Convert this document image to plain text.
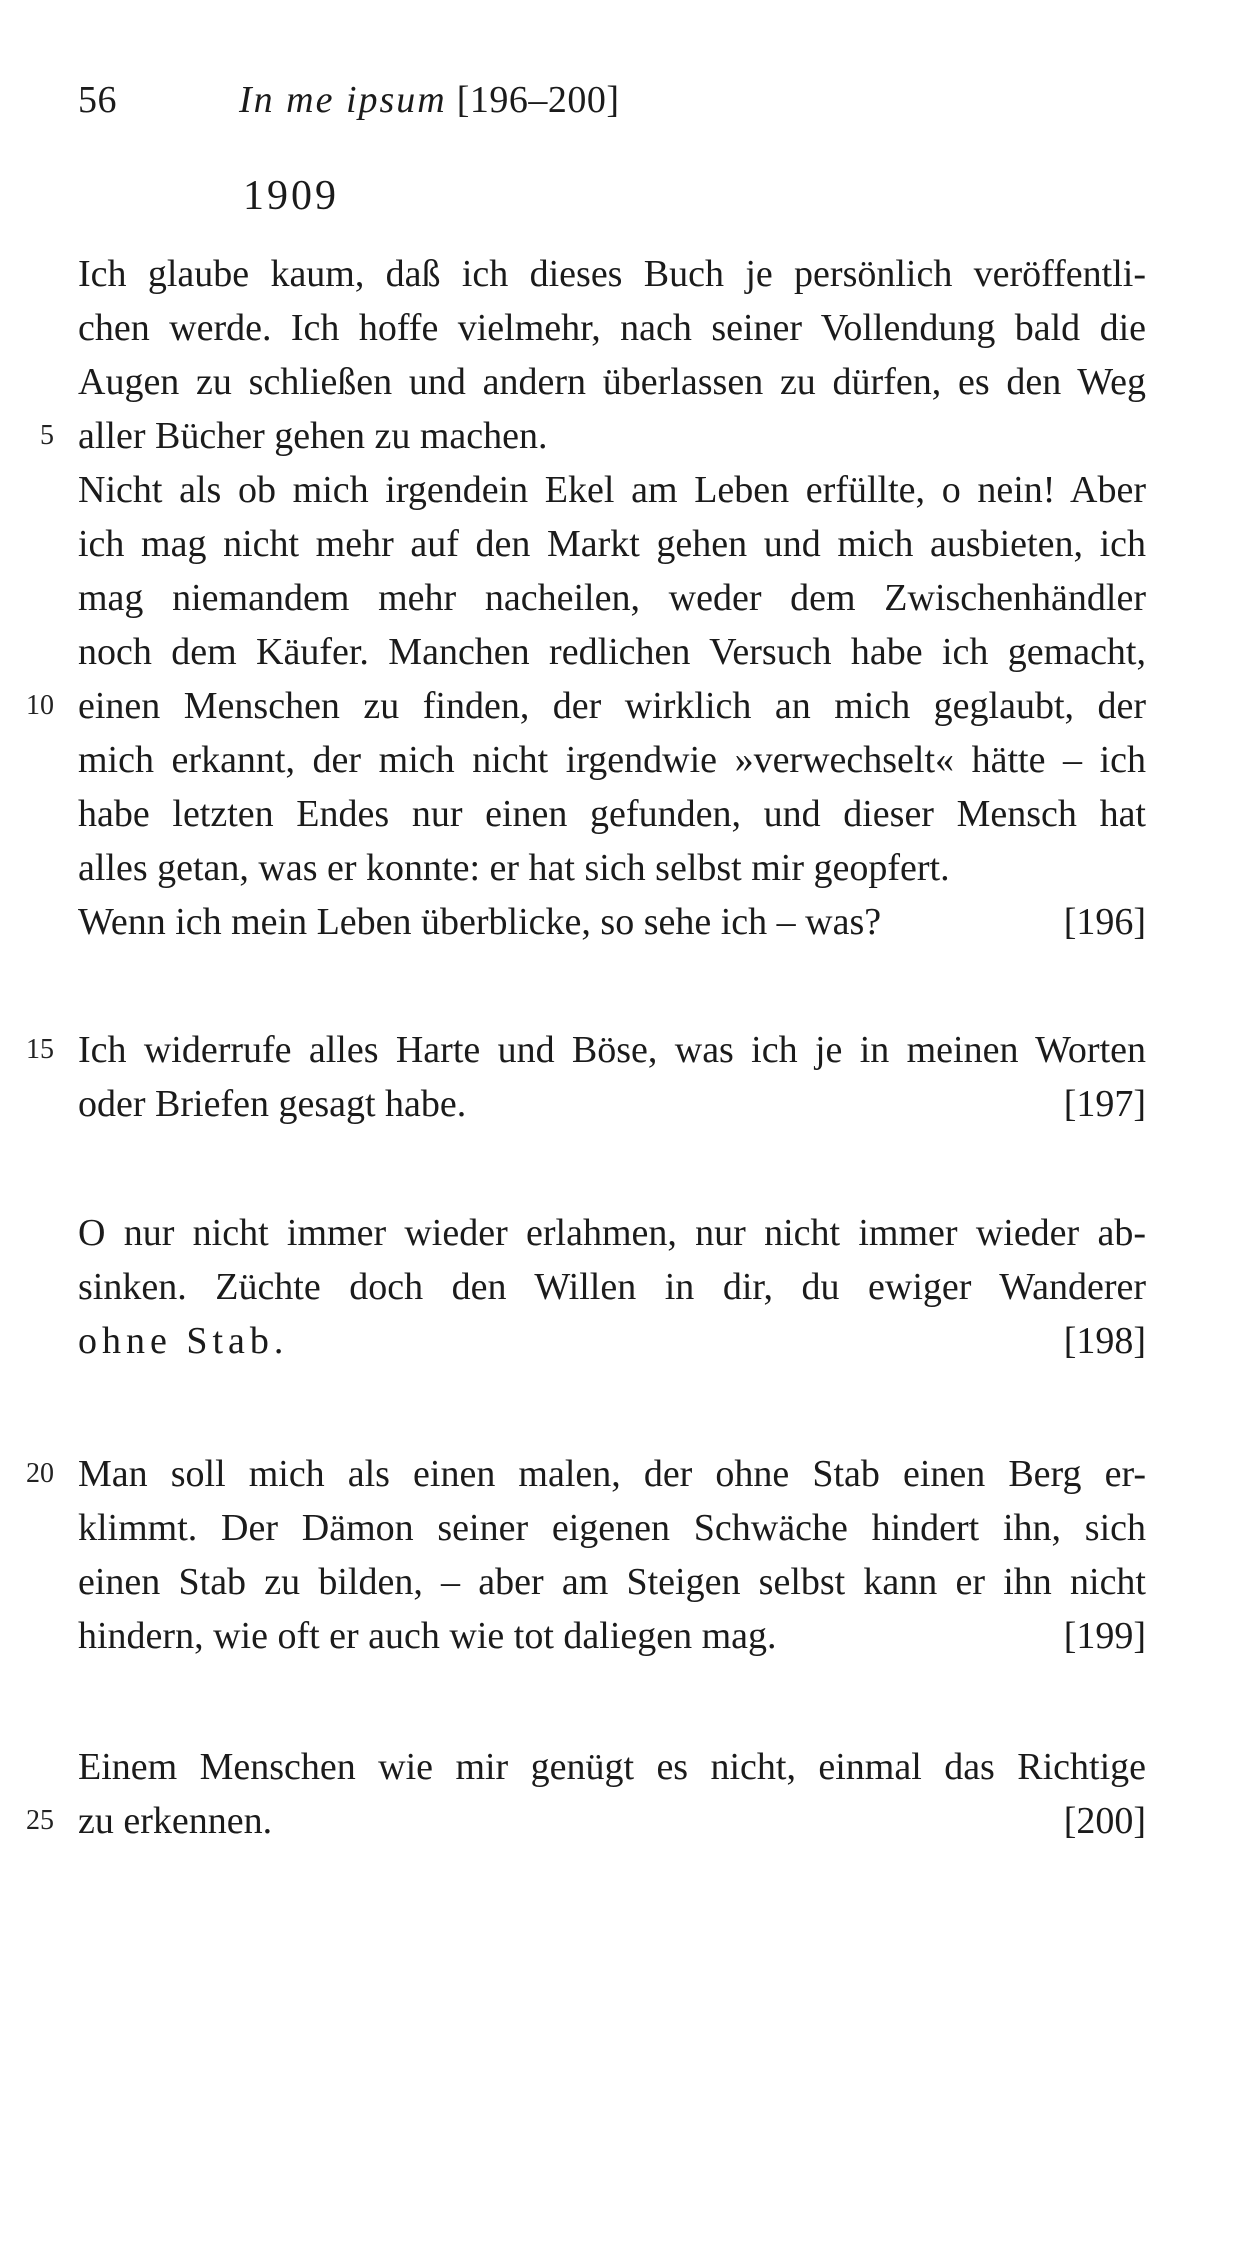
56	In me ipsum [196–200]
1909
Ich glaube kaum, daß ich dieses Buch je persönlich veröffentli-
chen werde. Ich hoffe vielmehr, nach seiner Vollendung bald die
Augen zu schließen und andern überlassen zu dürfen, es den Weg
aller Bücher gehen zu machen.
Nicht als ob mich irgendein Ekel am Leben erfüllte, o nein! Aber
ich mag nicht mehr auf den Markt gehen und mich ausbieten, ich
mag niemandem mehr nacheilen, weder dem Zwischenhändler
noch dem Käufer. Manchen redlichen Versuch habe ich gemacht,
einen Menschen zu finden, der wirklich an mich geglaubt, der
mich erkannt, der mich nicht irgendwie »verwechselt« hätte – ich
habe letzten Endes nur einen gefunden, und dieser Mensch hat
alles getan, was er konnte: er hat sich selbst mir geopfert.
Wenn ich mein Leben überblicke, so sehe ich – was?	[196]
Ich widerrufe alles Harte und Böse, was ich je in meinen Worten
oder Briefen gesagt habe.	[197]
O nur nicht immer wieder erlahmen, nur nicht immer wieder ab-
sinken. Züchte doch den Willen in dir, du ewiger Wanderer
ohne Stab.	[198]
Man soll mich als einen malen, der ohne Stab einen Berg er-
klimmt. Der Dämon seiner eigenen Schwäche hindert ihn, sich
einen Stab zu bilden, – aber am Steigen selbst kann er ihn nicht
hindern, wie oft er auch wie tot daliegen mag.	[199]
Einem Menschen wie mir genügt es nicht, einmal das Richtige
zu erkennen.	[200]
5
10
15
20
25
